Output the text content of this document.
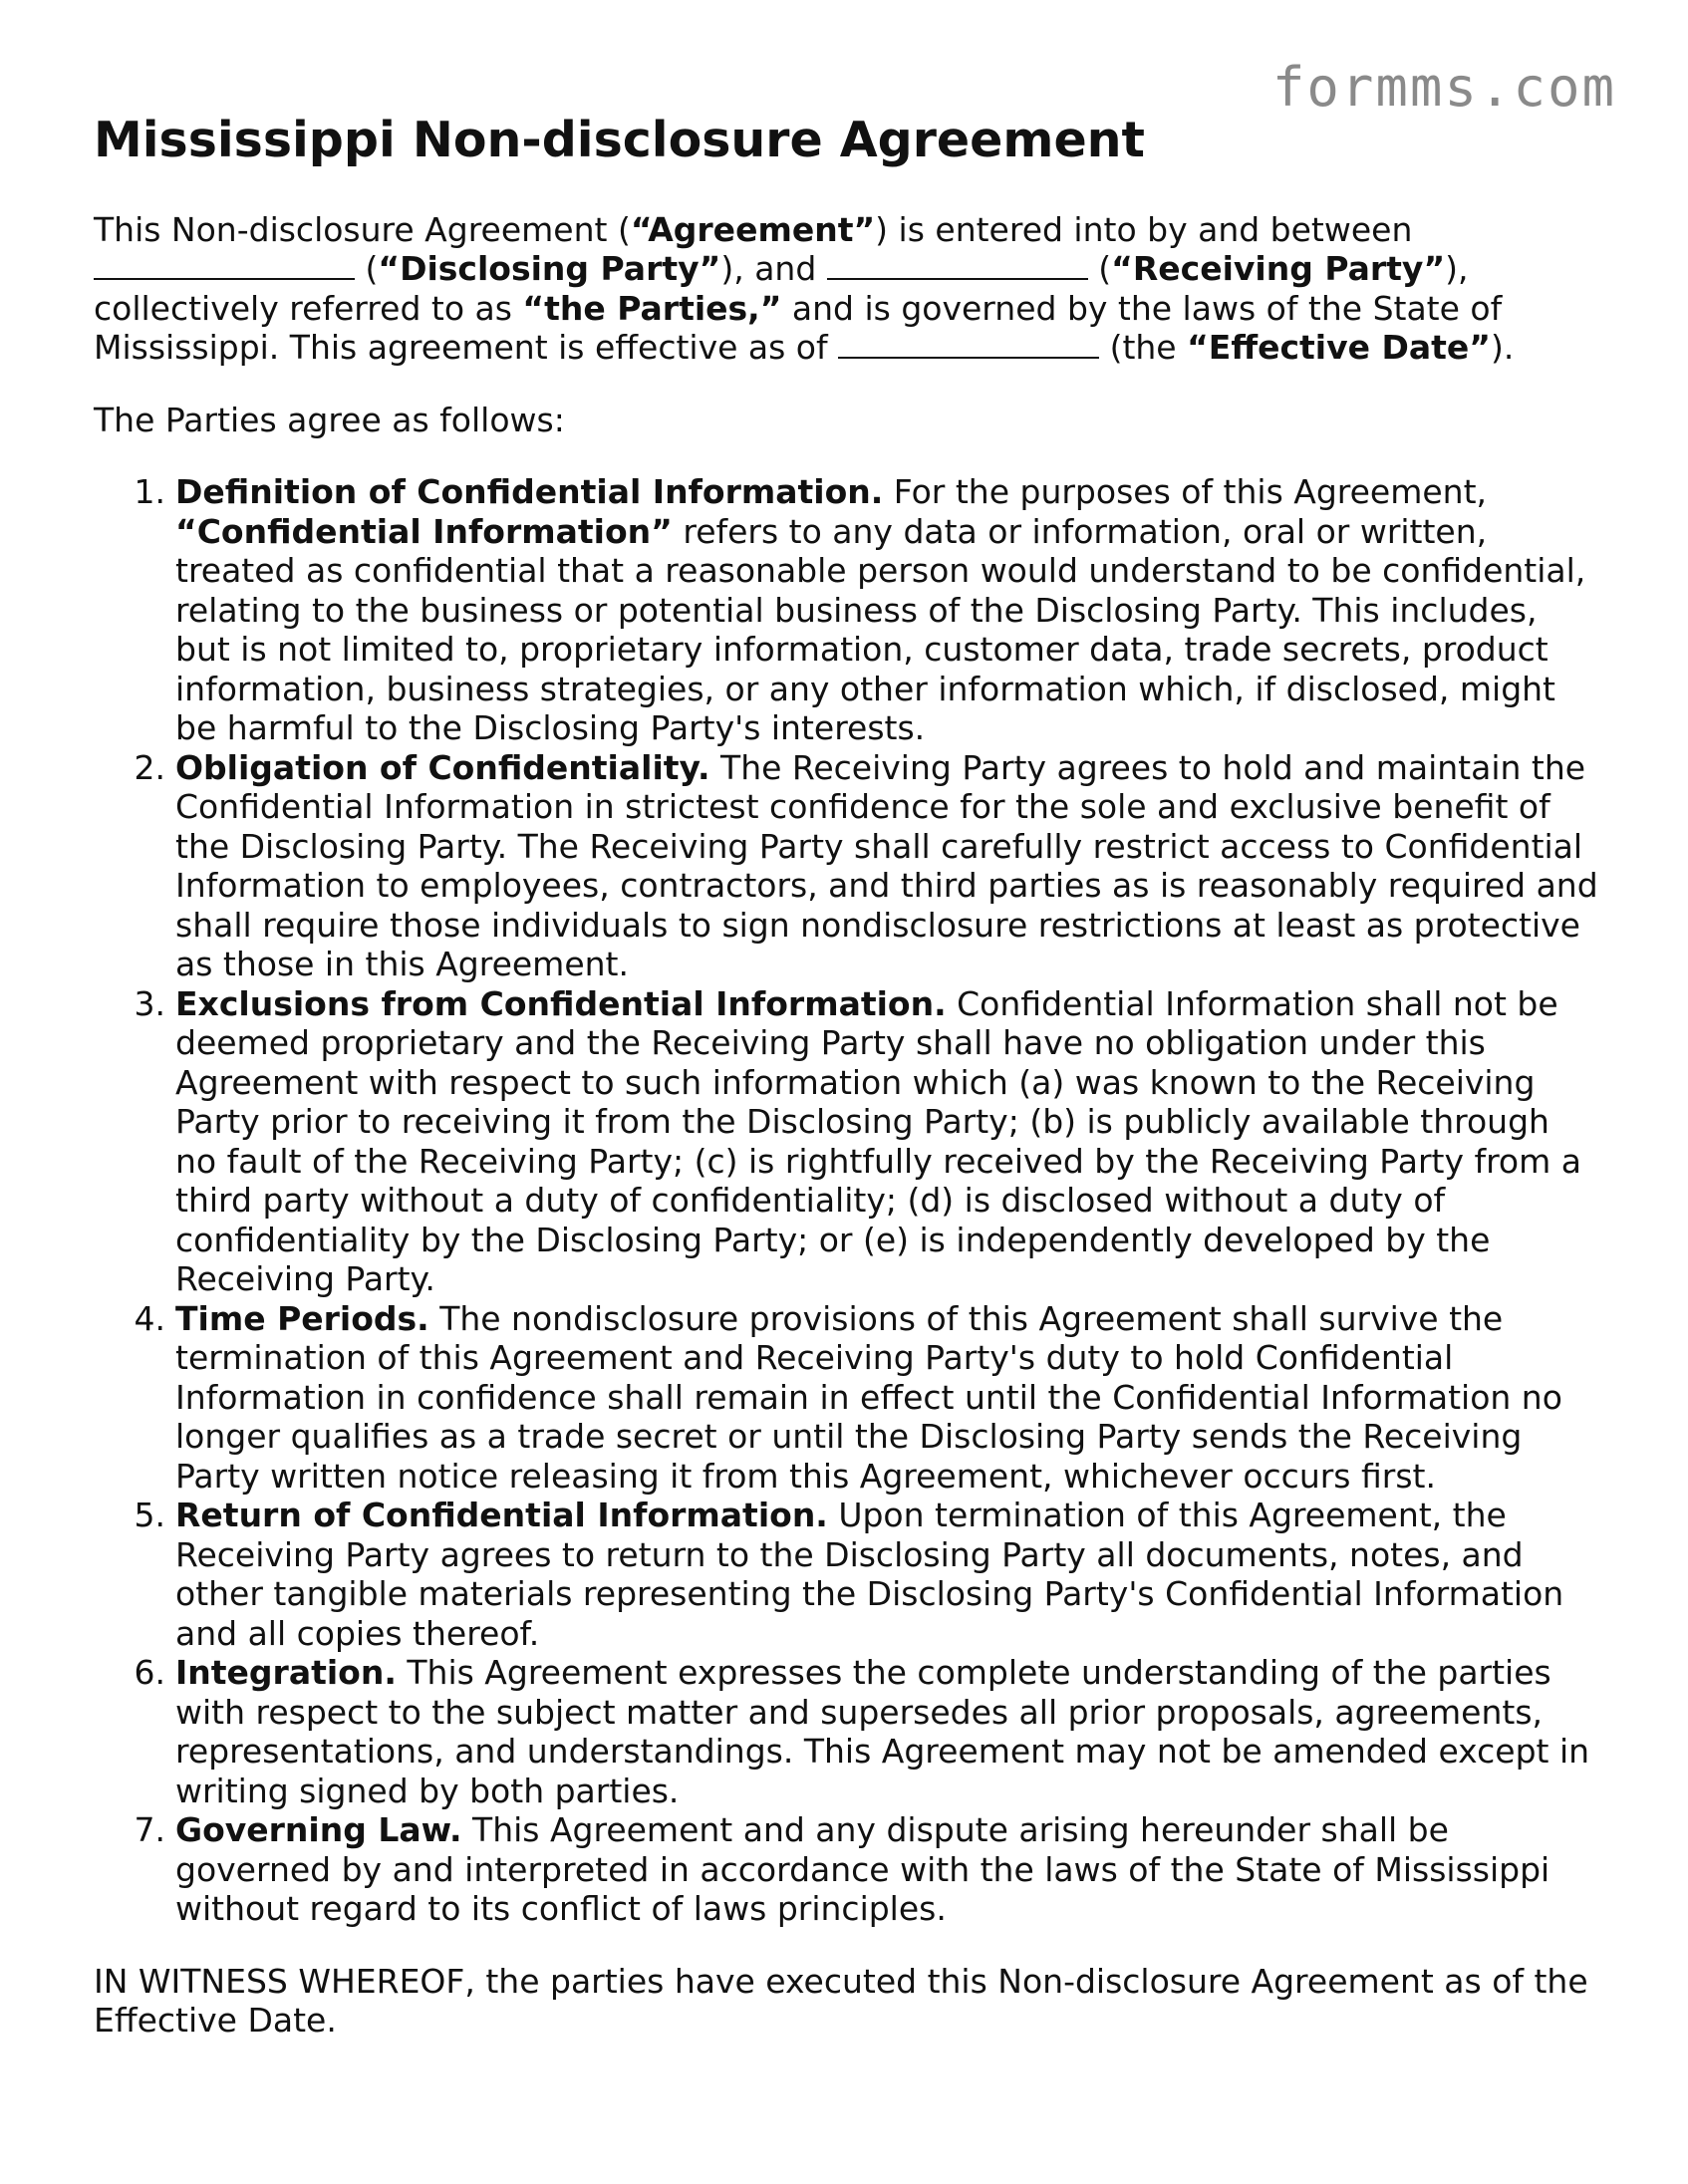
formms.com
Mississippi Non-disclosure Agreement

This Non-disclosure Agreement (“Agreement”) is entered into by and between
(“Disclosing Party”), and	(“Receiving Party”), collectively referred to as “the Parties,” and is governed by the laws of the State of Mississippi. This agreement is effective as of	(the “Effective Date”).

The Parties agree as follows:

1. Definition of Confidential Information. For the purposes of this Agreement, “Confidential Information” refers to any data or information, oral or written, treated as confidential that a reasonable person would understand to be confidential, relating to the business or potential business of the Disclosing Party. This includes, but is not limited to, proprietary information, customer data, trade secrets, product information, business strategies, or any other information which, if disclosed, might be harmful to the Disclosing Party's interests.
2. Obligation of Confidentiality. The Receiving Party agrees to hold and maintain the Confidential Information in strictest confidence for the sole and exclusive benefit of the Disclosing Party. The Receiving Party shall carefully restrict access to Confidential Information to employees, contractors, and third parties as is reasonably required and shall require those individuals to sign nondisclosure restrictions at least as protective as those in this Agreement.
3. Exclusions from Confidential Information. Confidential Information shall not be deemed proprietary and the Receiving Party shall have no obligation under this Agreement with respect to such information which (a) was known to the Receiving Party prior to receiving it from the Disclosing Party; (b) is publicly available through no fault of the Receiving Party; (c) is rightfully received by the Receiving Party from a third party without a duty of confidentiality; (d) is disclosed without a duty of confidentiality by the Disclosing Party; or (e) is independently developed by the Receiving Party.
4. Time Periods. The nondisclosure provisions of this Agreement shall survive the termination of this Agreement and Receiving Party's duty to hold Confidential Information in confidence shall remain in effect until the Confidential Information no longer qualifies as a trade secret or until the Disclosing Party sends the Receiving Party written notice releasing it from this Agreement, whichever occurs first.
5. Return of Confidential Information. Upon termination of this Agreement, the Receiving Party agrees to return to the Disclosing Party all documents, notes, and other tangible materials representing the Disclosing Party's Confidential Information and all copies thereof.
6. Integration. This Agreement expresses the complete understanding of the parties with respect to the subject matter and supersedes all prior proposals, agreements, representations, and understandings. This Agreement may not be amended except in writing signed by both parties.
7. Governing Law. This Agreement and any dispute arising hereunder shall be governed by and interpreted in accordance with the laws of the State of Mississippi without regard to its conflict of laws principles.

IN WITNESS WHEREOF, the parties have executed this Non-disclosure Agreement as of the Effective Date.
